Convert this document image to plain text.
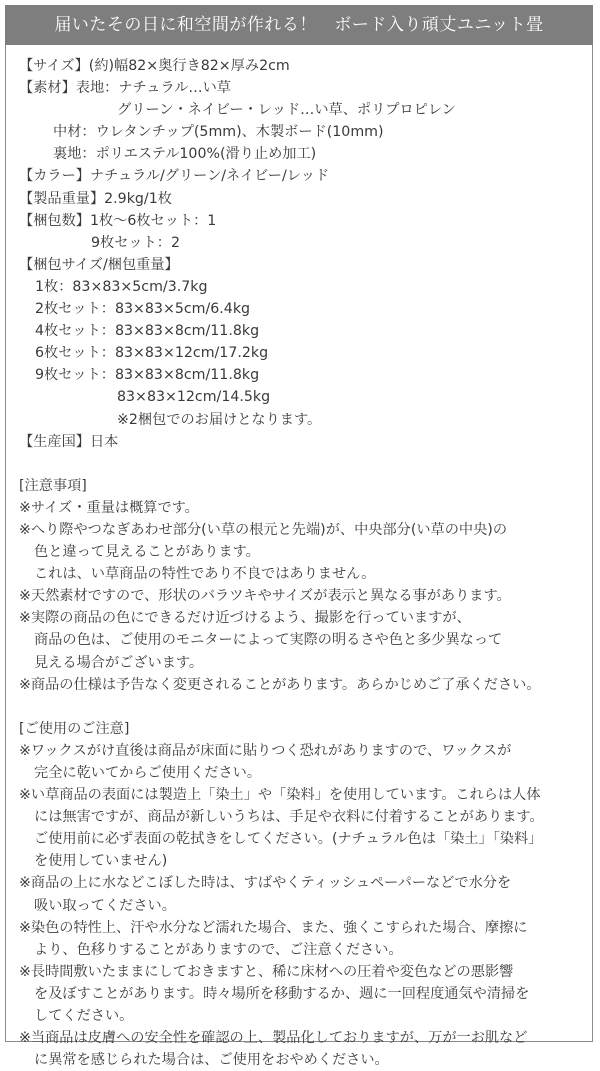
届いたその日に和空間が作れる！　ボード入り頑丈ユニット畳
【サイズ】(約)幅82×奥行き82×厚み2cm
【素材】表地：ナチュラル…い草
グリーン・ネイビー・レッド…い草、ポリプロピレン
中材：ウレタンチップ(5mm)、木製ボード(10mm)
裏地：ポリエステル100%(滑り止め加工)
【カラー】ナチュラル/グリーン/ネイビー/レッド
【製品重量】2.9kg/1枚
【梱包数】1枚～6枚セット：1
9枚セット：2
【梱包サイズ/梱包重量】
1枚：83×83×5cm/3.7kg
2枚セット：83×83×5cm/6.4kg
4枚セット：83×83×8cm/11.8kg
6枚セット：83×83×12cm/17.2kg
9枚セット：83×83×8cm/11.8kg
83×83×12cm/14.5kg
※2梱包でのお届けとなります。
【生産国】日本
[注意事項]
※サイズ・重量は概算です。
※へり際やつなぎあわせ部分(い草の根元と先端)が、中央部分(い草の中央)の
色と違って見えることがあります。
これは、い草商品の特性であり不良ではありません。
※天然素材ですので、形状のバラツキやサイズが表示と異なる事があります。
※実際の商品の色にできるだけ近づけるよう、撮影を行っていますが、
商品の色は、ご使用のモニターによって実際の明るさや色と多少異なって
見える場合がございます。
※商品の仕様は予告なく変更されることがあります。あらかじめご了承ください。
[ご使用のご注意]
※ワックスがけ直後は商品が床面に貼りつく恐れがありますので、ワックスが
完全に乾いてからご使用ください。
※い草商品の表面には製造上「染土」や「染料」を使用しています。これらは人体
には無害ですが、商品が新しいうちは、手足や衣料に付着することがあります。
ご使用前に必ず表面の乾拭きをしてください。(ナチュラル色は「染土」「染料」
を使用していません)
※商品の上に水などこぼした時は、すばやくティッシュペーパーなどで水分を
吸い取ってください。
※染色の特性上、汗や水分など濡れた場合、また、強くこすられた場合、摩擦に
より、色移りすることがありますので、ご注意ください。
※長時間敷いたままにしておきますと、稀に床材への圧着や変色などの悪影響
を及ぼすことがあります。時々場所を移動するか、週に一回程度通気や清掃を
してください。
※当商品は皮膚への安全性を確認の上、製品化しておりますが、万が一お肌など
に異常を感じられた場合は、ご使用をおやめください。
